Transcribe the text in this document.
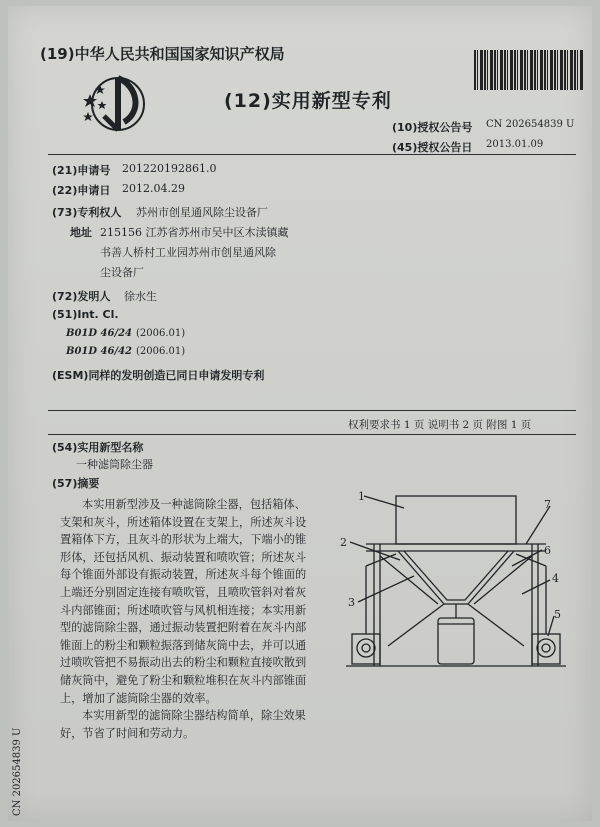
(19)中华人民共和国国家知识产权局
(12)实用新型专利
(10)授权公告号 CN 202654839 U
(45)授权公告日 2013.01.09
(21)申请号 201220192861.0
(22)申请日 2012.04.29
(73)专利权人 苏州市创星通风除尘设备厂
地址 215156 江苏省苏州市吴中区木渎镇藏
书善人桥村工业园苏州市创星通风除
尘设备厂
(72)发明人 徐水生
(51)Int. Cl.
B01D 46/24 (2006.01)
B01D 46/42 (2006.01)
(ESM)同样的发明创造已同日申请发明专利
权利要求书 1 页 说明书 2 页 附图 1 页
(54)实用新型名称
一种滤筒除尘器
(57)摘要

本实用新型涉及一种滤筒除尘器，包括箱体、支架和灰斗，所述箱体设置在支架上，所述灰斗设置箱体下方，且灰斗的形状为上端大，下端小的锥形体，还包括风机、振动装置和喷吹管；所述灰斗每个锥面外部设有振动装置，所述灰斗每个锥面的上端还分别固定连接有喷吹管，且喷吹管斜对着灰斗内部锥面；所述喷吹管与风机相连接；本实用新型的滤筒除尘器，通过振动装置把附着在灰斗内部锥面上的粉尘和颗粒振落到储灰筒中去，并可以通过喷吹管把不易振动出去的粉尘和颗粒直接吹散到储灰筒中，避免了粉尘和颗粒堆积在灰斗内部锥面上，增加了滤筒除尘器的效率。

本实用新型的滤筒除尘器结构简单，除尘效果好，节省了时间和劳动力。

1
2
3
4
5
6
7
CN 202654839 U
